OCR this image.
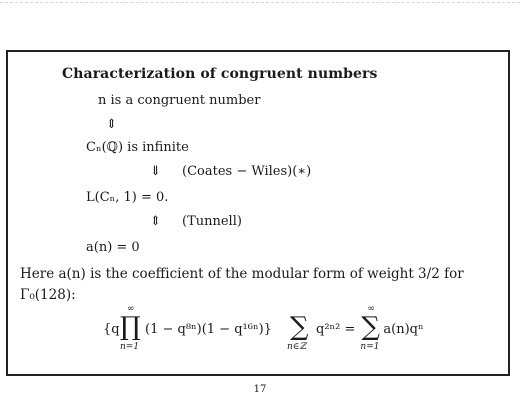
Characterization of congruent numbers
n is a congruent number
⇕
Cₙ(ℚ) is infinite
⇓ (Coates − Wiles)(∗)
L(Cₙ, 1) = 0.
⇕ (Tunnell)
a(n) = 0
Here a(n) is the coefficient of the modular form of weight 3/2 for Γ₀(128):
{q
∞
∏
n=1
(1 − q⁸ⁿ)(1 − q¹⁶ⁿ)} ∑
n∈ℤ
q²ⁿ² =
∞
∑
n=1
a(n)qⁿ
17
